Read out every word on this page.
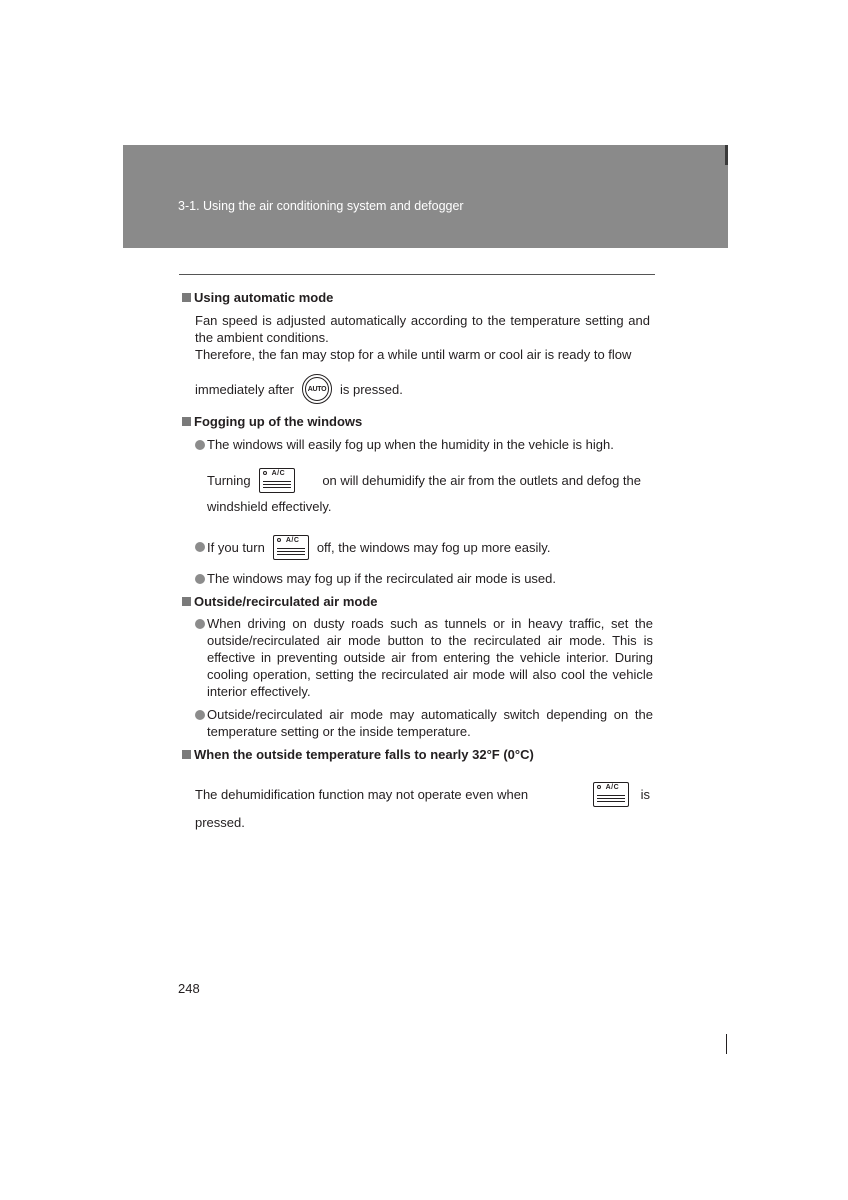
3-1. Using the air conditioning system and defogger
Using automatic mode
Fan speed is adjusted automatically according to the temperature setting and the ambient conditions.
Therefore, the fan may stop for a while until warm or cool air is ready to flow
immediately after	AUTO is pressed.
Fogging up of the windows
The windows will easily fog up when the humidity in the vehicle is high.
Turning	A/C	on will dehumidify the air from the outlets and defog the
windshield effectively.
If you turn	A/C off, the windows may fog up more easily.
The windows may fog up if the recirculated air mode is used.
Outside/recirculated air mode
When driving on dusty roads such as tunnels or in heavy traffic, set the outside/recirculated air mode button to the recirculated air mode. This is effective in preventing outside air from entering the vehicle interior. During cooling operation, setting the recirculated air mode will also cool the vehicle interior effectively.
Outside/recirculated air mode may automatically switch depending on the temperature setting or the inside temperature.
When the outside temperature falls to nearly 32°F (0°C)
The dehumidification function may not operate even when	A/C is
pressed.
248
